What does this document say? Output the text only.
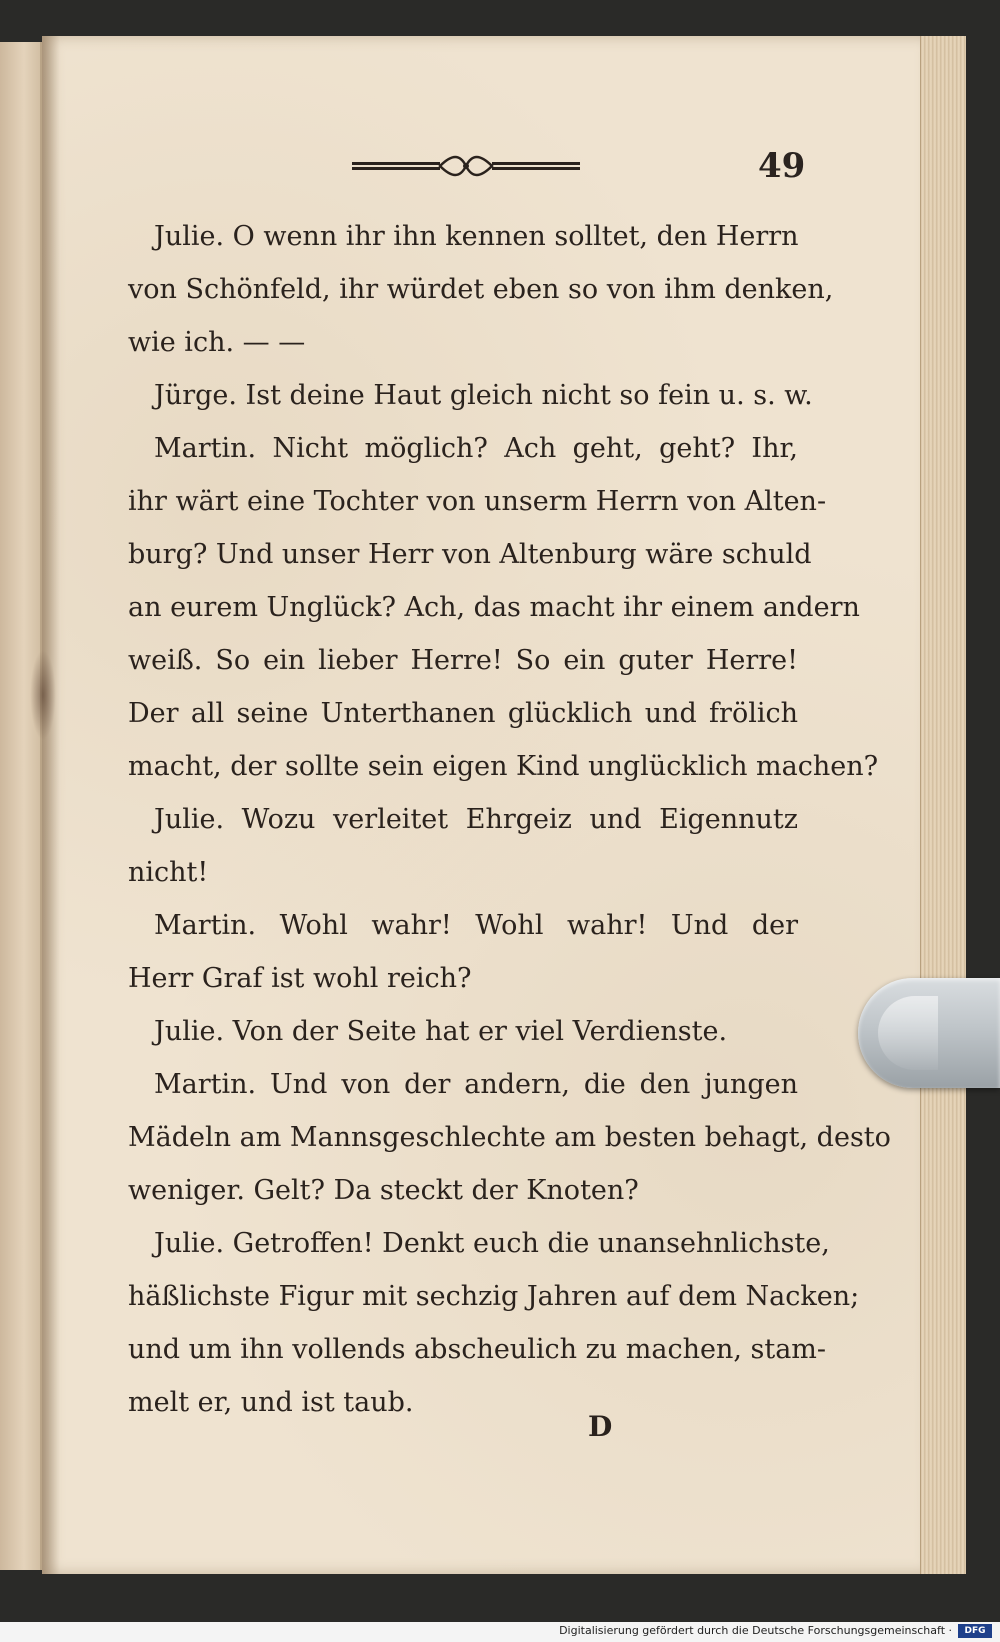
49
Julie. O wenn ihr ihn kennen solltet, den Herrn
von Schönfeld, ihr würdet eben so von ihm denken,
wie ich. — —
Jürge. Ist deine Haut gleich nicht so fein u. s. w.
Martin. Nicht möglich? Ach geht, geht? Ihr,
ihr wärt eine Tochter von unserm Herrn von Alten-
burg? Und unser Herr von Altenburg wäre schuld
an eurem Unglück? Ach, das macht ihr einem andern
weiß. So ein lieber Herre! So ein guter Herre!
Der all seine Unterthanen glücklich und frölich
macht, der sollte sein eigen Kind unglücklich machen?
Julie. Wozu verleitet Ehrgeiz und Eigennutz
nicht!
Martin. Wohl wahr! Wohl wahr! Und der
Herr Graf ist wohl reich?
Julie. Von der Seite hat er viel Verdienste.
Martin. Und von der andern, die den jungen
Mädeln am Mannsgeschlechte am besten behagt, desto
weniger. Gelt? Da steckt der Knoten?
Julie. Getroffen! Denkt euch die unansehnlichste,
häßlichste Figur mit sechzig Jahren auf dem Nacken;
und um ihn vollends abscheulich zu machen, stam-
melt er, und ist taub.
D
Digitalisierung gefördert durch die Deutsche Forschungsgemeinschaft ·	DFG
